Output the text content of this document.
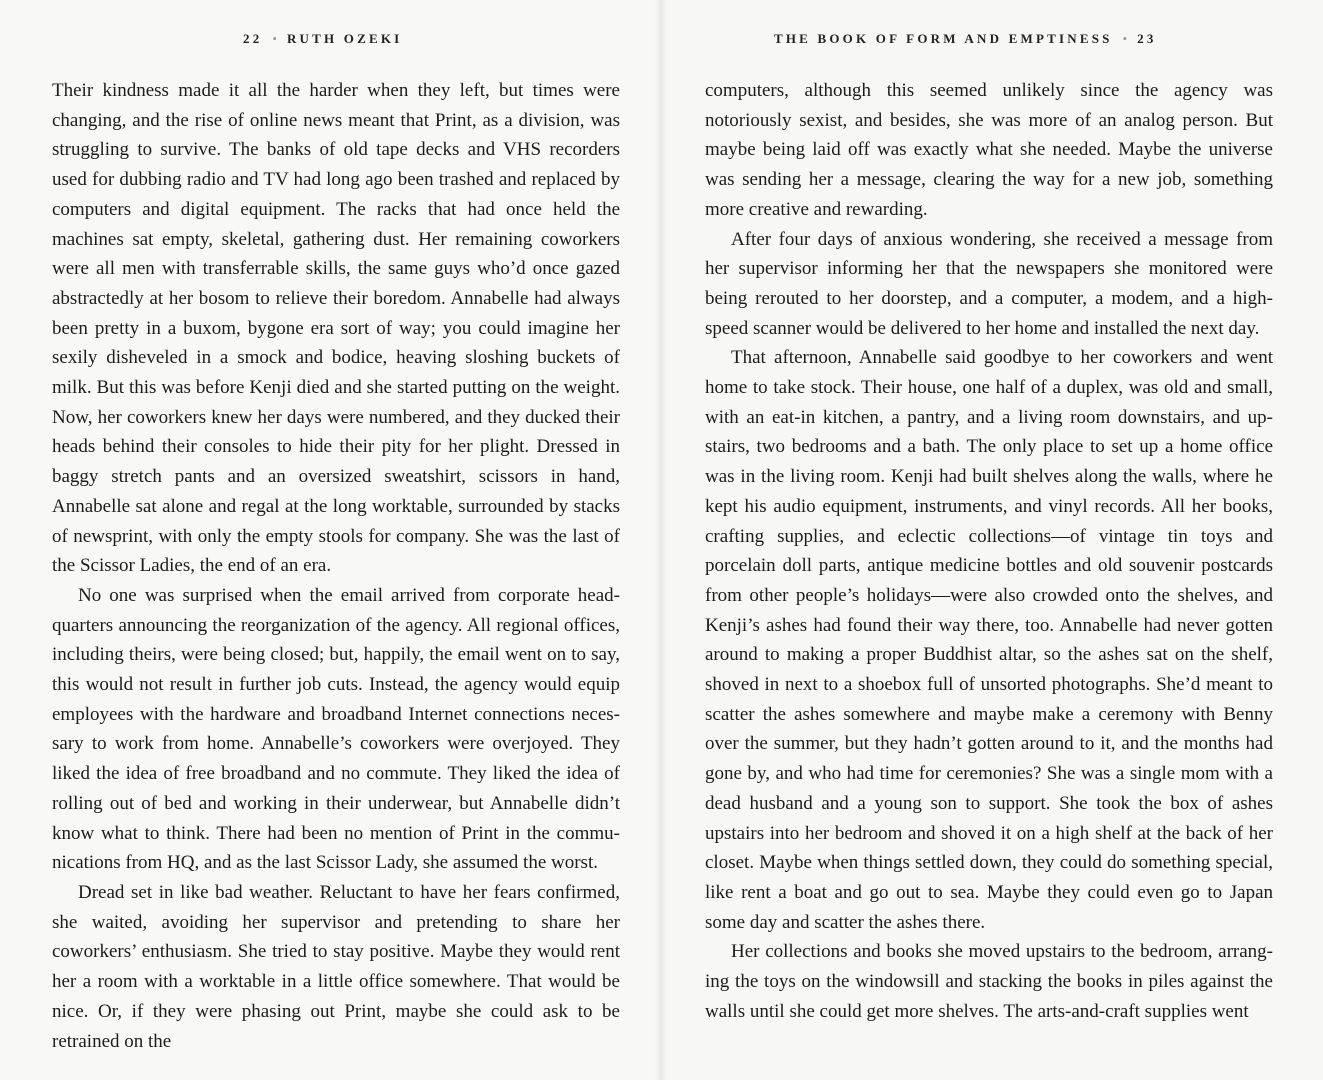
22 • RUTH OZEKI

Their kindness made it all the harder when they left, but times were changing, and the rise of online news meant that Print, as a division, was struggling to survive. The banks of old tape decks and VHS recorders used for dubbing radio and TV had long ago been trashed and replaced by computers and digital equipment. The racks that had once held the machines sat empty, skeletal, gathering dust. Her remaining coworkers were all men with transferrable skills, the same guys who’d once gazed abstractedly at her bosom to relieve their boredom. Annabelle had always been pretty in a buxom, bygone era sort of way; you could imagine her sexily disheveled in a smock and bodice, heaving sloshing buckets of milk. But this was before Kenji died and she started putting on the weight. Now, her coworkers knew her days were numbered, and they ducked their heads behind their consoles to hide their pity for her plight. Dressed in baggy stretch pants and an oversized sweatshirt, scissors in hand, Annabelle sat alone and regal at the long worktable, surrounded by stacks of newsprint, with only the empty stools for company. She was the last of the Scissor Ladies, the end of an era.

No one was surprised when the email arrived from corporate headquarters announcing the reorganization of the agency. All regional offices, including theirs, were being closed; but, happily, the email went on to say, this would not result in further job cuts. Instead, the agency would equip employees with the hardware and broadband Internet connections necessary to work from home. Annabelle’s coworkers were overjoyed. They liked the idea of free broadband and no commute. They liked the idea of rolling out of bed and working in their underwear, but Annabelle didn’t know what to think. There had been no mention of Print in the communications from HQ, and as the last Scissor Lady, she assumed the worst.

Dread set in like bad weather. Reluctant to have her fears confirmed, she waited, avoiding her supervisor and pretending to share her coworkers’ enthusiasm. She tried to stay positive. Maybe they would rent her a room with a worktable in a little office somewhere. That would be nice. Or, if they were phasing out Print, maybe she could ask to be retrained on the

THE BOOK OF FORM AND EMPTINESS • 23

computers, although this seemed unlikely since the agency was notoriously sexist, and besides, she was more of an analog person. But maybe being laid off was exactly what she needed. Maybe the universe was sending her a message, clearing the way for a new job, something more creative and rewarding.

After four days of anxious wondering, she received a message from her supervisor informing her that the newspapers she monitored were being rerouted to her doorstep, and a computer, a modem, and a high-speed scanner would be delivered to her home and installed the next day.

That afternoon, Annabelle said goodbye to her coworkers and went home to take stock. Their house, one half of a duplex, was old and small, with an eat-in kitchen, a pantry, and a living room downstairs, and upstairs, two bedrooms and a bath. The only place to set up a home office was in the living room. Kenji had built shelves along the walls, where he kept his audio equipment, instruments, and vinyl records. All her books, crafting supplies, and eclectic collections—of vintage tin toys and porcelain doll parts, antique medicine bottles and old souvenir postcards from other people’s holidays—were also crowded onto the shelves, and Kenji’s ashes had found their way there, too. Annabelle had never gotten around to making a proper Buddhist altar, so the ashes sat on the shelf, shoved in next to a shoebox full of unsorted photographs. She’d meant to scatter the ashes somewhere and maybe make a ceremony with Benny over the summer, but they hadn’t gotten around to it, and the months had gone by, and who had time for ceremonies? She was a single mom with a dead husband and a young son to support. She took the box of ashes upstairs into her bedroom and shoved it on a high shelf at the back of her closet. Maybe when things settled down, they could do something special, like rent a boat and go out to sea. Maybe they could even go to Japan some day and scatter the ashes there.

Her collections and books she moved upstairs to the bedroom, arranging the toys on the windowsill and stacking the books in piles against the walls until she could get more shelves. The arts-and-craft supplies went
